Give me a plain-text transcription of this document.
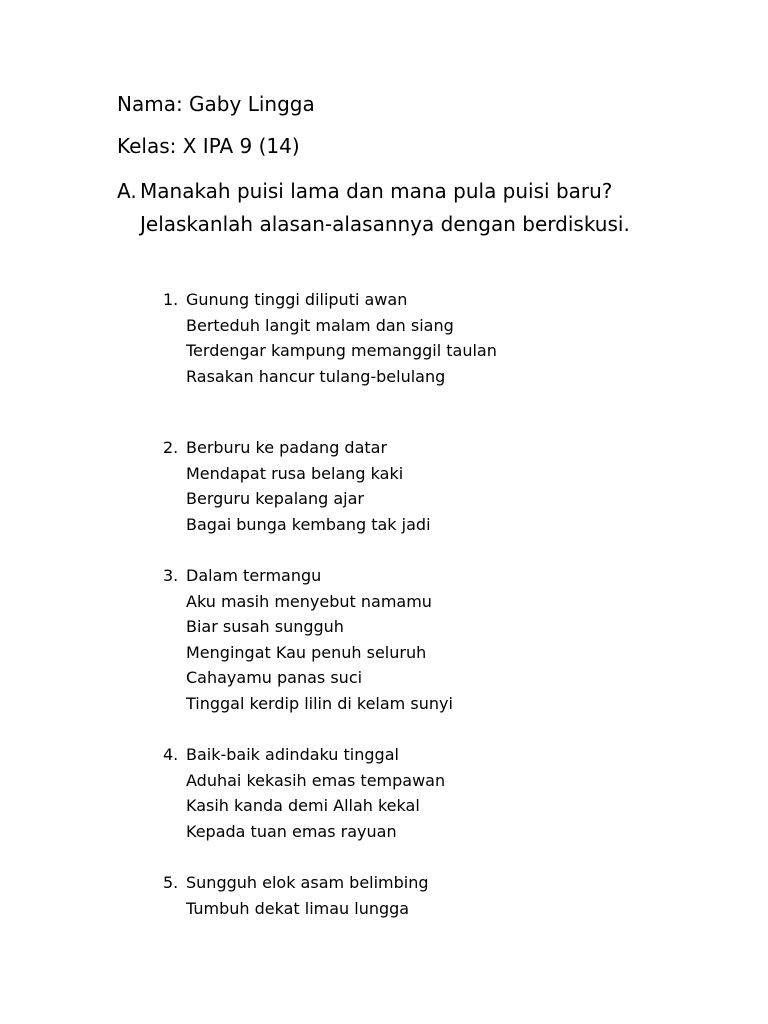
Nama: Gaby Lingga
Kelas: X IPA 9 (14)
A. Manakah puisi lama dan mana pula puisi baru?
Jelaskanlah alasan-alasannya dengan berdiskusi.
1. Gunung tinggi diliputi awan
Berteduh langit malam dan siang
Terdengar kampung memanggil taulan
Rasakan hancur tulang-belulang
2. Berburu ke padang datar
Mendapat rusa belang kaki
Berguru kepalang ajar
Bagai bunga kembang tak jadi
3. Dalam termangu
Aku masih menyebut namamu
Biar susah sungguh
Mengingat Kau penuh seluruh
Cahayamu panas suci
Tinggal kerdip lilin di kelam sunyi
4. Baik-baik adindaku tinggal
Aduhai kekasih emas tempawan
Kasih kanda demi Allah kekal
Kepada tuan emas rayuan
5. Sungguh elok asam belimbing
Tumbuh dekat limau lungga
